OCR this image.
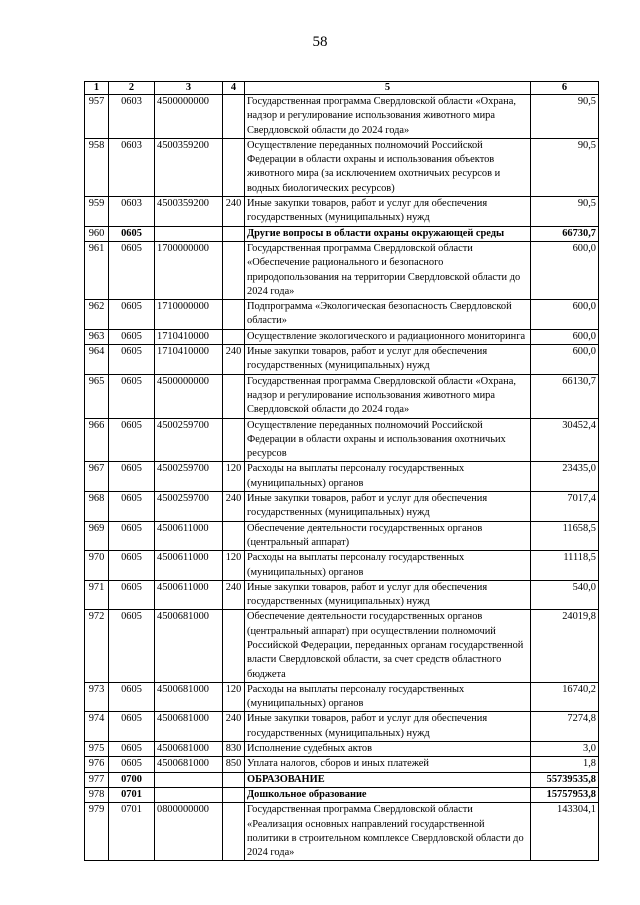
58
1	2	3	4	5	6
957	0603	4500000000		Государственная программа Свердловской области «Охрана, надзор и регулирование использования животного мира Свердловской области до 2024 года»	90,5
958	0603	4500359200		Осуществление переданных полномочий Российской Федерации в области охраны и использования объектов животного мира (за исключением охотничьих ресурсов и водных биологических ресурсов)	90,5
959	0603	4500359200	240	Иные закупки товаров, работ и услуг для обеспечения государственных (муниципальных) нужд	90,5
960	0605			Другие вопросы в области охраны окружающей среды	66730,7
961	0605	1700000000		Государственная программа Свердловской области «Обеспечение рационального и безопасного природопользования на территории Свердловской области до 2024 года»	600,0
962	0605	1710000000		Подпрограмма «Экологическая безопасность Свердловской области»	600,0
963	0605	1710410000		Осуществление экологического и радиационного мониторинга	600,0
964	0605	1710410000	240	Иные закупки товаров, работ и услуг для обеспечения государственных (муниципальных) нужд	600,0
965	0605	4500000000		Государственная программа Свердловской области «Охрана, надзор и регулирование использования животного мира Свердловской области до 2024 года»	66130,7
966	0605	4500259700		Осуществление переданных полномочий Российской Федерации в области охраны и использования охотничьих ресурсов	30452,4
967	0605	4500259700	120	Расходы на выплаты персоналу государственных (муниципальных) органов	23435,0
968	0605	4500259700	240	Иные закупки товаров, работ и услуг для обеспечения государственных (муниципальных) нужд	7017,4
969	0605	4500611000		Обеспечение деятельности государственных органов (центральный аппарат)	11658,5
970	0605	4500611000	120	Расходы на выплаты персоналу государственных (муниципальных) органов	11118,5
971	0605	4500611000	240	Иные закупки товаров, работ и услуг для обеспечения государственных (муниципальных) нужд	540,0
972	0605	4500681000		Обеспечение деятельности государственных органов (центральный аппарат) при осуществлении полномочий Российской Федерации, переданных органам государственной власти Свердловской области, за счет средств областного бюджета	24019,8
973	0605	4500681000	120	Расходы на выплаты персоналу государственных (муниципальных) органов	16740,2
974	0605	4500681000	240	Иные закупки товаров, работ и услуг для обеспечения государственных (муниципальных) нужд	7274,8
975	0605	4500681000	830	Исполнение судебных актов	3,0
976	0605	4500681000	850	Уплата налогов, сборов и иных платежей	1,8
977	0700			ОБРАЗОВАНИЕ	55739535,8
978	0701			Дошкольное образование	15757953,8
979	0701	0800000000		Государственная программа Свердловской области «Реализация основных направлений государственной политики в строительном комплексе Свердловской области до 2024 года»	143304,1
